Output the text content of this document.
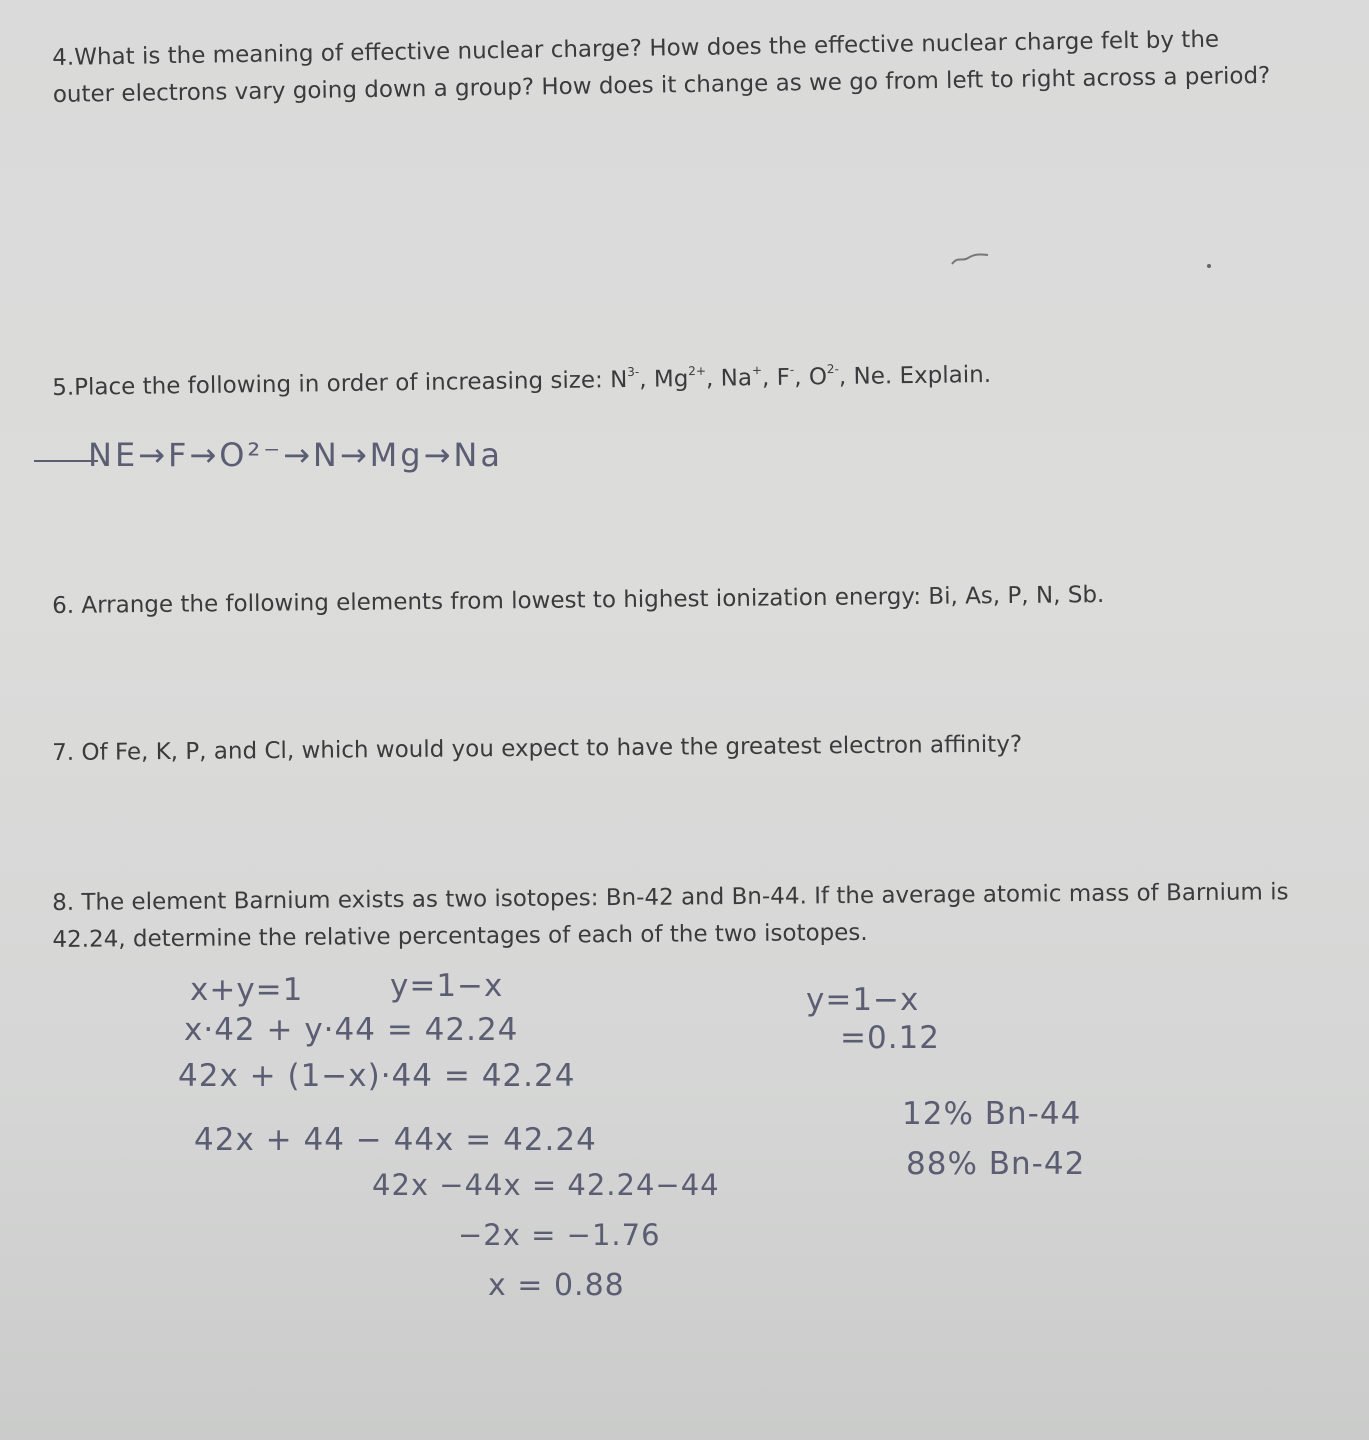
4.What is the meaning of effective nuclear charge? How does the effective nuclear charge felt by the outer electrons vary going down a group? How does it change as we go from left to right across a period?

5.Place the following in order of increasing size: $N^{3-}$, $Mg^{2+}$, Na+, F-, $O^{2-}$, Ne. Explain.

NE→F→O²⁻→N→Mg→Na

6. Arrange the following elements from lowest to highest ionization energy: Bi, As, P, N, Sb.

7. Of Fe, K, P, and Cl, which would you expect to have the greatest electron affinity?

8. The element Barnium exists as two isotopes: Bn-42 and Bn-44. If the average atomic mass of Barnium is 42.24, determine the relative percentages of each of the two isotopes.

x+y=1	y=1−x

x·42 + y·44 = 42.24

42x + (1−x)·44 = 42.24

42x + 44 − 44x = 42.24

42x −44x = 42.24−44

−2x = −1.76

x = 0.88

y=1−x

=0.12

12% Bn-44

88% Bn-42
